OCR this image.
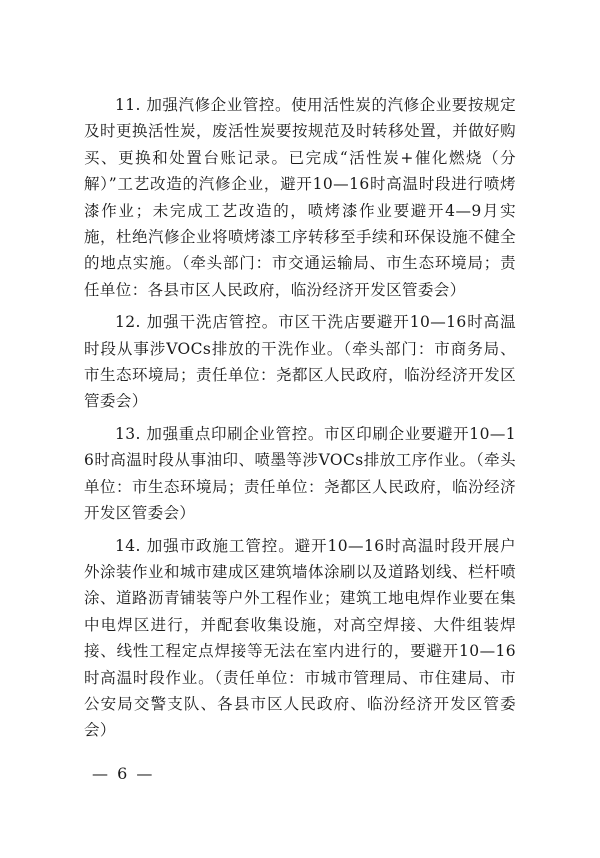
11. 加强汽修企业管控。使用活性炭的汽修企业要按规定及时更换活性炭，废活性炭要按规范及时转移处置，并做好购买、更换和处置台账记录。已完成“活性炭+催化燃烧（分解）”工艺改造的汽修企业，避开10—16时高温时段进行喷烤漆作业；未完成工艺改造的，喷烤漆作业要避开4—9月实施，杜绝汽修企业将喷烤漆工序转移至手续和环保设施不健全的地点实施。（牵头部门：市交通运输局、市生态环境局；责任单位：各县市区人民政府，临汾经济开发区管委会）

12. 加强干洗店管控。市区干洗店要避开10—16时高温时段从事涉VOCs排放的干洗作业。（牵头部门：市商务局、市生态环境局；责任单位：尧都区人民政府，临汾经济开发区管委会）

13. 加强重点印刷企业管控。市区印刷企业要避开10—16时高温时段从事油印、喷墨等涉VOCs排放工序作业。（牵头单位：市生态环境局；责任单位：尧都区人民政府，临汾经济开发区管委会）

14. 加强市政施工管控。避开10—16时高温时段开展户外涂装作业和城市建成区建筑墙体涂刷以及道路划线、栏杆喷涂、道路沥青铺装等户外工程作业；建筑工地电焊作业要在集中电焊区进行，并配套收集设施，对高空焊接、大件组装焊接、线性工程定点焊接等无法在室内进行的，要避开10—16时高温时段作业。（责任单位：市城市管理局、市住建局、市公安局交警支队、各县市区人民政府、临汾经济开发区管委会）

— 6 —
